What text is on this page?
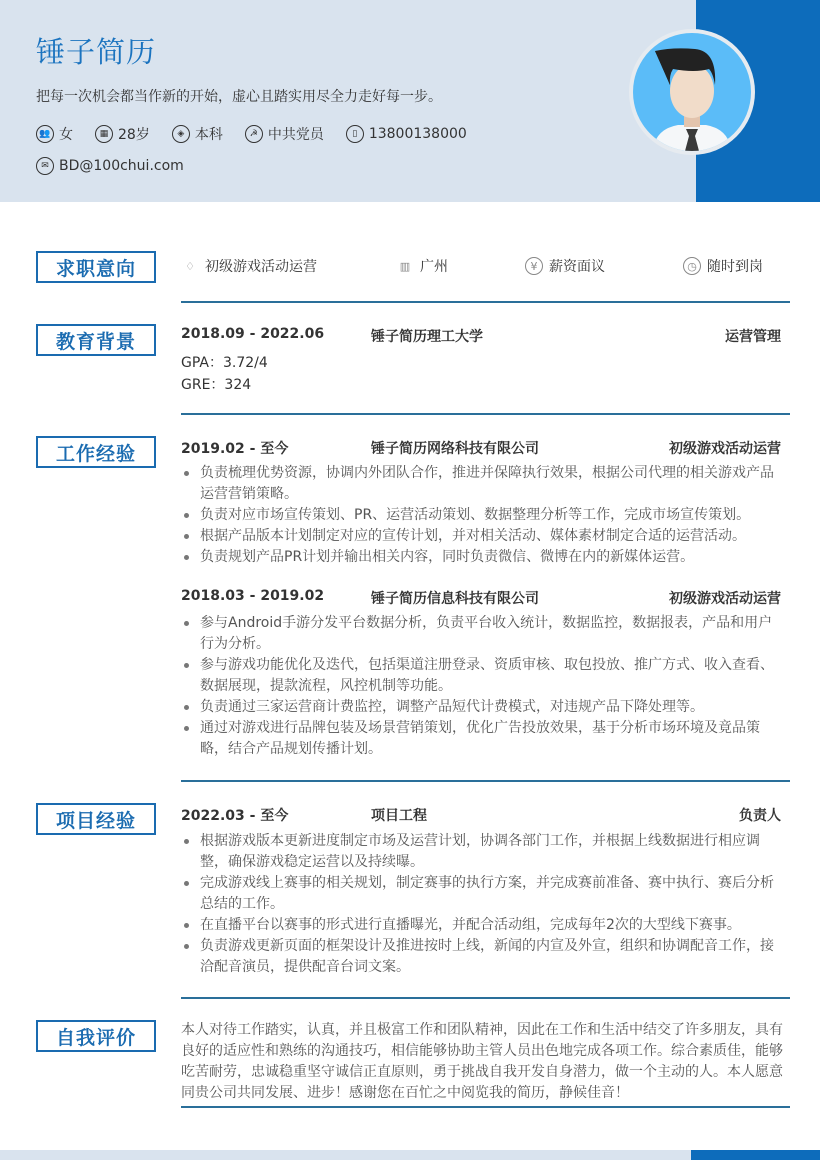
锤子简历
把每一次机会都当作新的开始，虚心且踏实用尽全力走好每一步。
👥 女	▦ 28岁	◈ 本科	☭ 中共党员	▯ 13800138000
✉ BD@100chui.com
求职意向	♢ 初级游戏活动运营	▥ 广州	¥ 薪资面议	◷ 随时到岗
教育背景	2018.09 - 2022.06	锤子简历理工大学	运营管理
GPA：3.72/4
GRE：324
工作经验	2019.02 - 至今	锤子简历网络科技有限公司	初级游戏活动运营
负责梳理优势资源，协调内外团队合作，推进并保障执行效果，根据公司代理的相关游戏产品运营营销策略。
负责对应市场宣传策划、PR、运营活动策划、数据整理分析等工作，完成市场宣传策划。
根据产品版本计划制定对应的宣传计划，并对相关活动、媒体素材制定合适的运营活动。
负责规划产品PR计划并输出相关内容，同时负责微信、微博在内的新媒体运营。
2018.03 - 2019.02	锤子简历信息科技有限公司	初级游戏活动运营
参与Android手游分发平台数据分析，负责平台收入统计，数据监控，数据报表，产品和用户行为分析。
参与游戏功能优化及迭代，包括渠道注册登录、资质审核、取包投放、推广方式、收入查看、数据展现，提款流程，风控机制等功能。
负责通过三家运营商计费监控，调整产品短代计费模式，对违规产品下降处理等。
通过对游戏进行品牌包装及场景营销策划，优化广告投放效果，基于分析市场环境及竟品策略，结合产品规划传播计划。
项目经验	2022.03 - 至今	项目工程	负责人
根据游戏版本更新进度制定市场及运营计划，协调各部门工作，并根据上线数据进行相应调整，确保游戏稳定运营以及持续曝。
完成游戏线上赛事的相关规划，制定赛事的执行方案，并完成赛前准备、赛中执行、赛后分析总结的工作。
在直播平台以赛事的形式进行直播曝光，并配合活动组，完成每年2次的大型线下赛事。
负责游戏更新页面的框架设计及推进按时上线，新闻的内宣及外宣，组织和协调配音工作，接洽配音演员，提供配音台词文案。
自我评价	本人对待工作踏实，认真，并且极富工作和团队精神，因此在工作和生活中结交了许多朋友，具有良好的适应性和熟练的沟通技巧，相信能够协助主管人员出色地完成各项工作。综合素质佳，能够吃苦耐劳，忠诚稳重坚守诚信正直原则，勇于挑战自我开发自身潜力，做一个主动的人。本人愿意同贵公司共同发展、进步！感谢您在百忙之中阅览我的简历，静候佳音！
